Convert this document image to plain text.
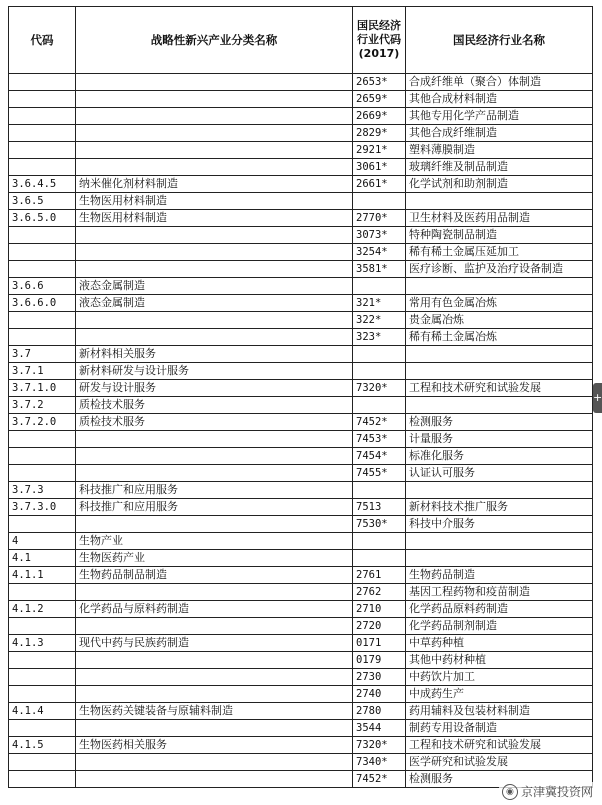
代码	战略性新兴产业分类名称	国民经济行业代码(2017)	国民经济行业名称
		2653*	合成纤维单（聚合）体制造
		2659*	其他合成材料制造
		2669*	其他专用化学产品制造
		2829*	其他合成纤维制造
		2921*	塑料薄膜制造
		3061*	玻璃纤维及制品制造
3.6.4.5	纳米催化剂材料制造	2661*	化学试剂和助剂制造
3.6.5	生物医用材料制造		
3.6.5.0	生物医用材料制造	2770*	卫生材料及医药用品制造
		3073*	特种陶瓷制品制造
		3254*	稀有稀土金属压延加工
		3581*	医疗诊断、监护及治疗设备制造
3.6.6	液态金属制造		
3.6.6.0	液态金属制造	321*	常用有色金属冶炼
		322*	贵金属冶炼
		323*	稀有稀土金属冶炼
3.7	新材料相关服务		
3.7.1	新材料研发与设计服务		
3.7.1.0	研发与设计服务	7320*	工程和技术研究和试验发展
3.7.2	质检技术服务		
3.7.2.0	质检技术服务	7452*	检测服务
		7453*	计量服务
		7454*	标准化服务
		7455*	认证认可服务
3.7.3	科技推广和应用服务		
3.7.3.0	科技推广和应用服务	7513	新材料技术推广服务
		7530*	科技中介服务
4	生物产业		
4.1	生物医药产业		
4.1.1	生物药品制品制造	2761	生物药品制造
		2762	基因工程药物和疫苗制造
4.1.2	化学药品与原料药制造	2710	化学药品原料药制造
		2720	化学药品制剂制造
4.1.3	现代中药与民族药制造	0171	中草药种植
		0179	其他中药材种植
		2730	中药饮片加工
		2740	中成药生产
4.1.4	生物医药关键装备与原辅料制造	2780	药用辅料及包装材料制造
		3544	制药专用设备制造
4.1.5	生物医药相关服务	7320*	工程和技术研究和试验发展
		7340*	医学研究和试验发展
		7452*	检测服务
◉ 京津冀投资网
+
